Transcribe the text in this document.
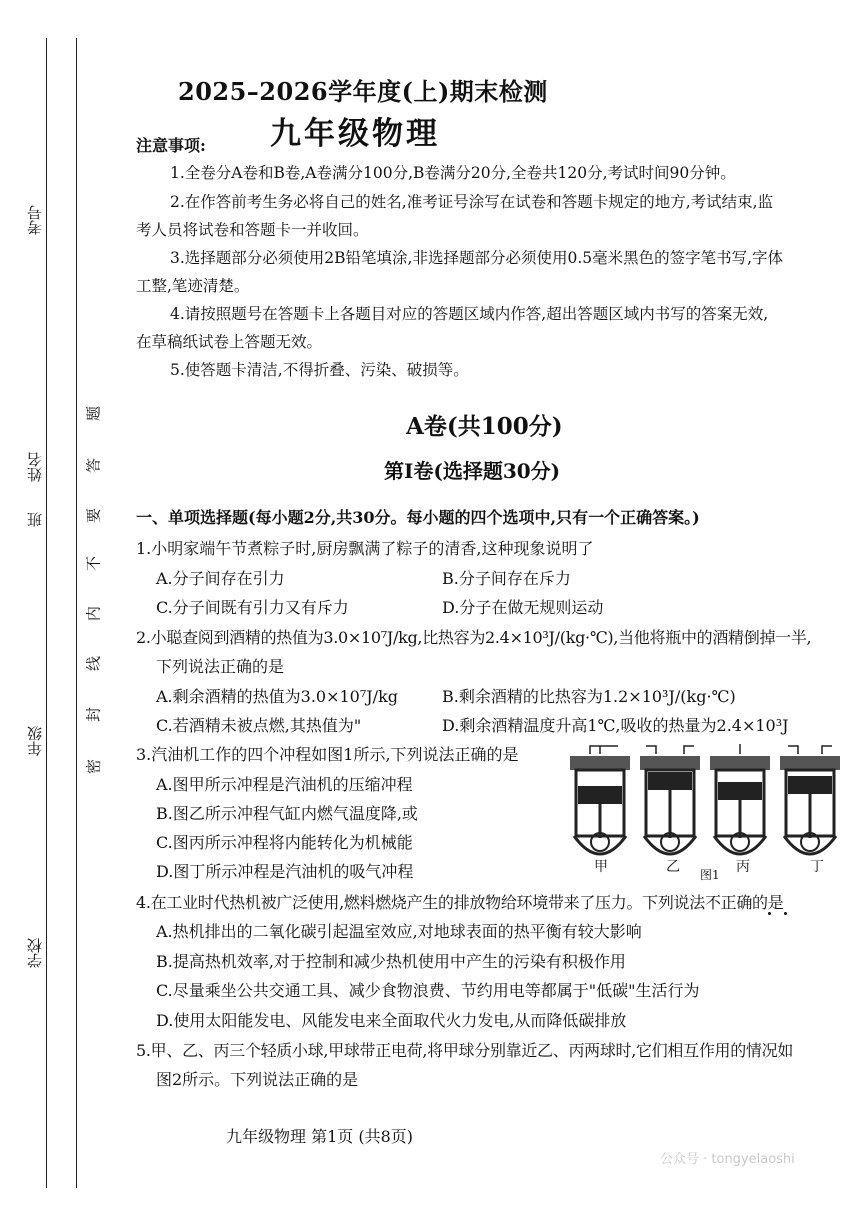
考号
姓名
班
年级
学校
题
答
要
不
内
线
封
密
2025–2026学年度(上)期末检测
九年级物理
注意事项:
1.全卷分A卷和B卷,A卷满分100分,B卷满分20分,全卷共120分,考试时间90分钟。
2.在作答前考生务必将自己的姓名,准考证号涂写在试卷和答题卡规定的地方,考试结束,监
考人员将试卷和答题卡一并收回。
3.选择题部分必须使用2B铅笔填涂,非选择题部分必须使用0.5毫米黑色的签字笔书写,字体
工整,笔迹清楚。
4.请按照题号在答题卡上各题目对应的答题区域内作答,超出答题区域内书写的答案无效,
在草稿纸试卷上答题无效。
5.使答题卡清洁,不得折叠、污染、破损等。
A卷(共100分)
第Ⅰ卷(选择题30分)
一、单项选择题(每小题2分,共30分。每小题的四个选项中,只有一个正确答案。)
1.小明家端午节煮粽子时,厨房飘满了粽子的清香,这种现象说明了
A.分子间存在引力	B.分子间存在斥力
C.分子间既有引力又有斥力	D.分子在做无规则运动
2.小聪查阅到酒精的热值为3.0×10⁷J/kg,比热容为2.4×10³J/(kg·℃),当他将瓶中的酒精倒掉一半,
下列说法正确的是
A.剩余酒精的热值为3.0×10⁷J/kg	B.剩余酒精的比热容为1.2×10³J/(kg·℃)
C.若酒精未被点燃,其热值为"	D.剩余酒精温度升高1℃,吸收的热量为2.4×10³J
3.汽油机工作的四个冲程如图1所示,下列说法正确的是
A.图甲所示冲程是汽油机的压缩冲程
B.图乙所示冲程气缸内燃气温度降,或
C.图丙所示冲程将内能转化为机械能
D.图丁所示冲程是汽油机的吸气冲程
4.在工业时代热机被广泛使用,燃料燃烧产生的排放物给环境带来了压力。下列说法不正确的是
A.热机排出的二氧化碳引起温室效应,对地球表面的热平衡有较大影响
B.提高热机效率,对于控制和减少热机使用中产生的污染有积极作用
C.尽量乘坐公共交通工具、减少食物浪费、节约用电等都属于"低碳"生活行为
D.使用太阳能发电、风能发电来全面取代火力发电,从而降低碳排放
5.甲、乙、丙三个轻质小球,甲球带正电荷,将甲球分别靠近乙、丙两球时,它们相互作用的情况如
图2所示。下列说法正确的是
甲	乙	丙	丁
图1
九年级物理 第1页 (共8页)
公众号 · tongyelaoshi
